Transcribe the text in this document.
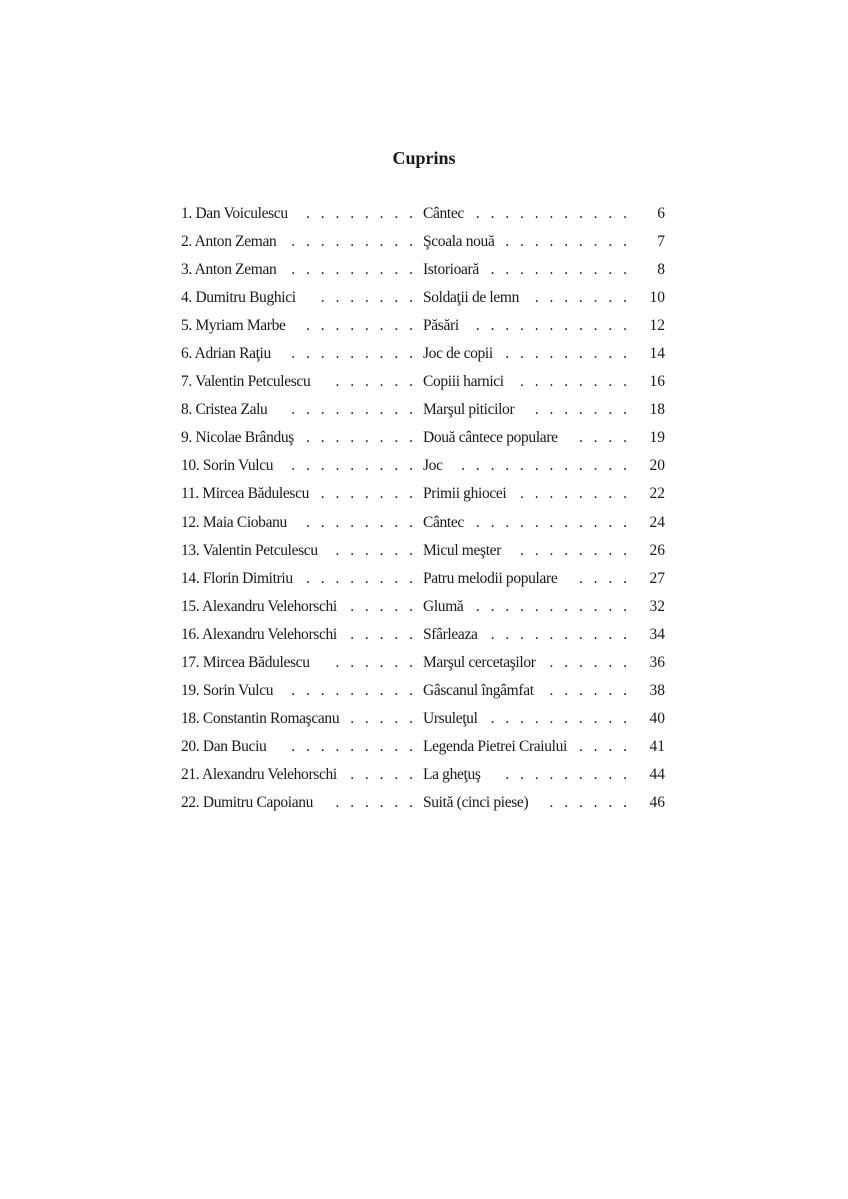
Cuprins
1. Dan Voiculescu	.  .  .  .  .  .  .  . Cântec .  .  .  .  .  .  .  .  .  .  .	6
2. Anton Zeman .  .  .  .  .  .  .  .  . Şcoala nouă .  .  .  .  .  .  .  .  .	7
3. Anton Zeman .  .  .  .  .  .  .  .  . Istorioară .  .  .  .  .  .  .  .  .  .	8
4. Dumitru Bughici	.  .  .  .  .  .  . Soldaţii de lemn	.  .  .  .  .  .  .	10
5. Myriam Marbe	.  .  .  .  .  .  .  . Păsări	.  .  .  .  .  .  .  .  .  .  .	12
6. Adrian Raţiu	.  .  .  .  .  .  .  .  . Joc de copii .  .  .  .  .  .  .  .  .	14
7. Valentin Petculescu	.  .  .  .  .  . Copiii harnici	.  .  .  .  .  .  .  .	16
8. Cristea Zalu	.  .  .  .  .  .  .  .  . Marşul piticilor	.  .  .  .  .  .  .	18
9. Nicolae Brânduş .  .  .  .  .  .  .  . Două cântece populare	.  .  .  .	19
10. Sorin Vulcu	.  .  .  .  .  .  .  .  . Joc	.  .  .  .  .  .  .  .  .  .  .  .	20
11. Mircea Bădulescu .  .  .  .  .  .  . Primii ghiocei .  .  .  .  .  .  .  .	22
12. Maia Ciobanu	.  .  .  .  .  .  .  . Cântec .  .  .  .  .  .  .  .  .  .  .	24
13. Valentin Petculescu	.  .  .  .  .  . Micul meşter	.  .  .  .  .  .  .  .	26
14. Florin Dimitriu .  .  .  .  .  .  .  . Patru melodii populare	.  .  .  .	27
15. Alexandru Velehorschi .  .  .  .  . Glumă .  .  .  .  .  .  .  .  .  .  .	32
16. Alexandru Velehorschi .  .  .  .  . Sfârleaza .  .  .  .  .  .  .  .  .  .	34
17. Mircea Bădulescu	.  .  .  .  .  . Marşul cercetaşilor .  .  .  .  .  .	36
19. Sorin Vulcu	.  .  .  .  .  .  .  .  . Gâscanul îngâmfat	.  .  .  .  .  .	38
18. Constantin Romaşcanu .  .  .  .  . Ursuleţul .  .  .  .  .  .  .  .  .  .	40
20. Dan Buciu	.  .  .  .  .  .  .  .  . Legenda Pietrei Craiului .  .  .  .	41
21. Alexandru Velehorschi .  .  .  .  . La gheţuş	.  .  .  .  .  .  .  .  .	44
22. Dumitru Capoianu	.  .  .  .  .  . Suită (cinci piese)	.  .  .  .  .  .	46
